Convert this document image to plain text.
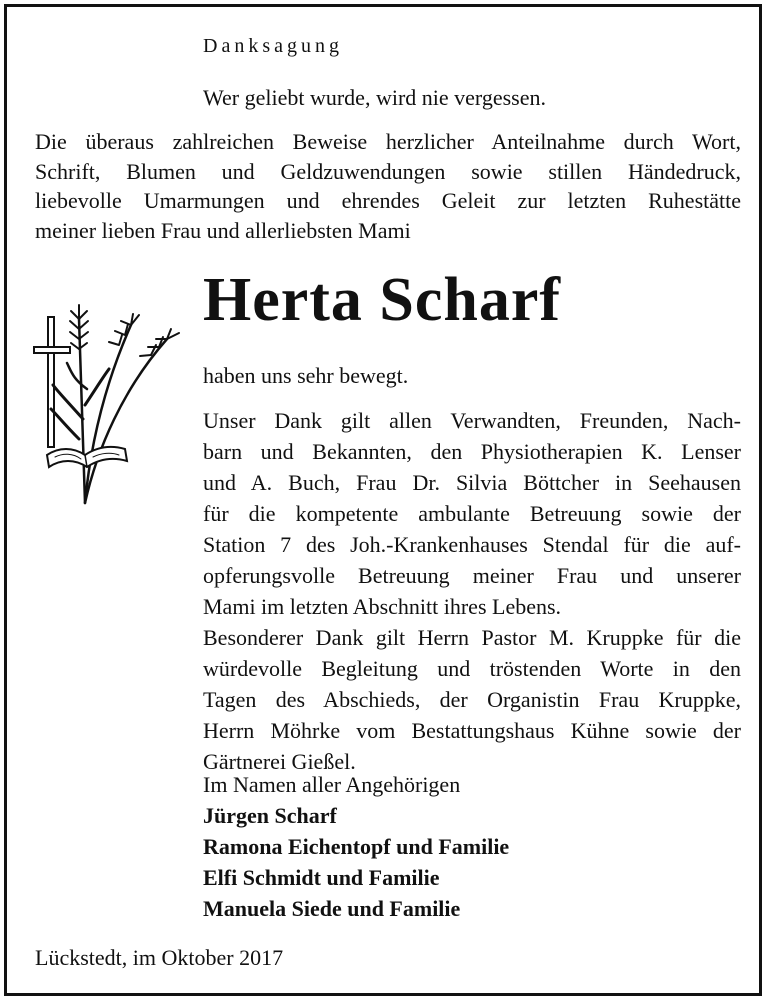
Danksagung
Wer geliebt wurde, wird nie vergessen.
Die überaus zahlreichen Beweise herzlicher Anteilnahme durch Wort,
Schrift, Blumen und Geldzuwendungen sowie stillen Händedruck,
liebevolle Umarmungen und ehrendes Geleit zur letzten Ruhestätte
meiner lieben Frau und allerliebsten Mami
Herta Scharf
haben uns sehr bewegt.
Unser Dank gilt allen Verwandten, Freunden, Nach-
barn und Bekannten, den Physiotherapien K. Lenser
und A. Buch, Frau Dr. Silvia Böttcher in Seehausen
für die kompetente ambulante Betreuung sowie der
Station 7 des Joh.-Krankenhauses Stendal für die auf-
opferungsvolle Betreuung meiner Frau und unserer
Mami im letzten Abschnitt ihres Lebens.
Besonderer Dank gilt Herrn Pastor M. Kruppke für die
würdevolle Begleitung und tröstenden Worte in den
Tagen des Abschieds, der Organistin Frau Kruppke,
Herrn Möhrke vom Bestattungshaus Kühne sowie der
Gärtnerei Gießel.
Im Namen aller Angehörigen
Jürgen Scharf
Ramona Eichentopf und Familie
Elfi Schmidt und Familie
Manuela Siede und Familie
Lückstedt, im Oktober 2017
